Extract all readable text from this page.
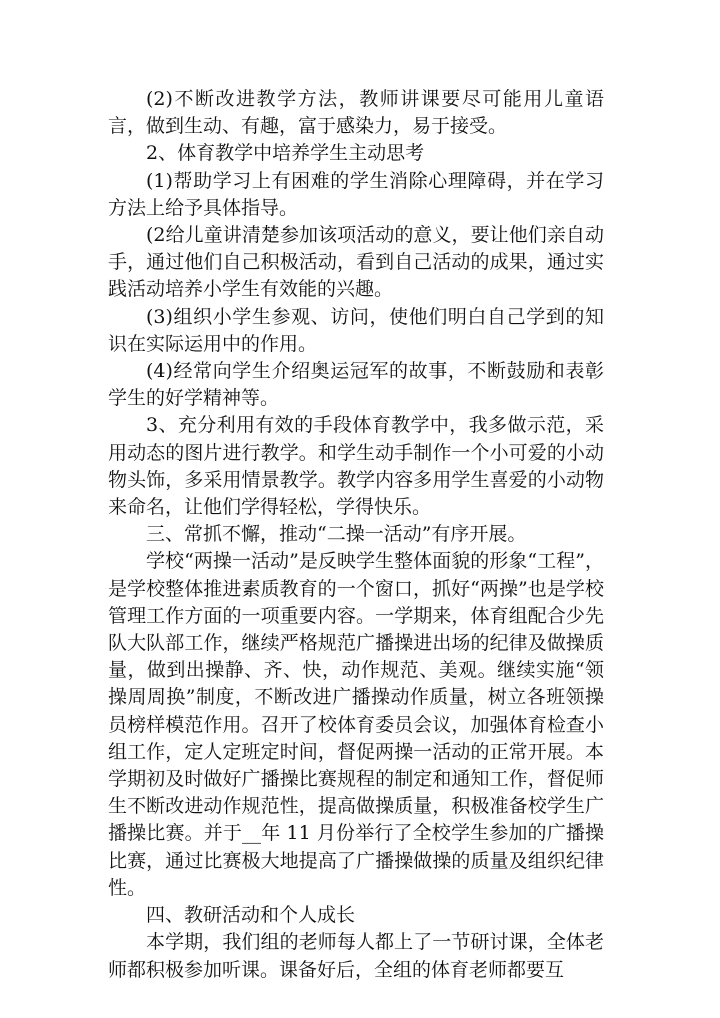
(2)不断改进教学方法，教师讲课要尽可能用儿童语言，做到生动、有趣，富于感染力，易于接受。

2、体育教学中培养学生主动思考

(1)帮助学习上有困难的学生消除心理障碍，并在学习方法上给予具体指导。

(2给儿童讲清楚参加该项活动的意义，要让他们亲自动手，通过他们自己积极活动，看到自己活动的成果，通过实践活动培养小学生有效能的兴趣。

(3)组织小学生参观、访问，使他们明白自己学到的知识在实际运用中的作用。

(4)经常向学生介绍奥运冠军的故事，不断鼓励和表彰学生的好学精神等。

3、充分利用有效的手段体育教学中，我多做示范，采用动态的图片进行教学。和学生动手制作一个小可爱的小动物头饰，多采用情景教学。教学内容多用学生喜爱的小动物来命名，让他们学得轻松，学得快乐。

三、常抓不懈，推动“二操一活动”有序开展。

学校“两操一活动”是反映学生整体面貌的形象“工程”，是学校整体推进素质教育的一个窗口，抓好“两操”也是学校管理工作方面的一项重要内容。一学期来，体育组配合少先队大队部工作，继续严格规范广播操进出场的纪律及做操质量，做到出操静、齐、快，动作规范、美观。继续实施“领操周周换”制度，不断改进广播操动作质量，树立各班领操员榜样模范作用。召开了校体育委员会议，加强体育检查小组工作，定人定班定时间，督促两操一活动的正常开展。本学期初及时做好广播操比赛规程的制定和通知工作，督促师生不断改进动作规范性，提高做操质量，积极准备校学生广播操比赛。并于__年 11 月份举行了全校学生参加的广播操比赛，通过比赛极大地提高了广播操做操的质量及组织纪律性。

四、教研活动和个人成长

本学期，我们组的老师每人都上了一节研讨课，全体老师都积极参加听课。课备好后，全组的体育老师都要互
